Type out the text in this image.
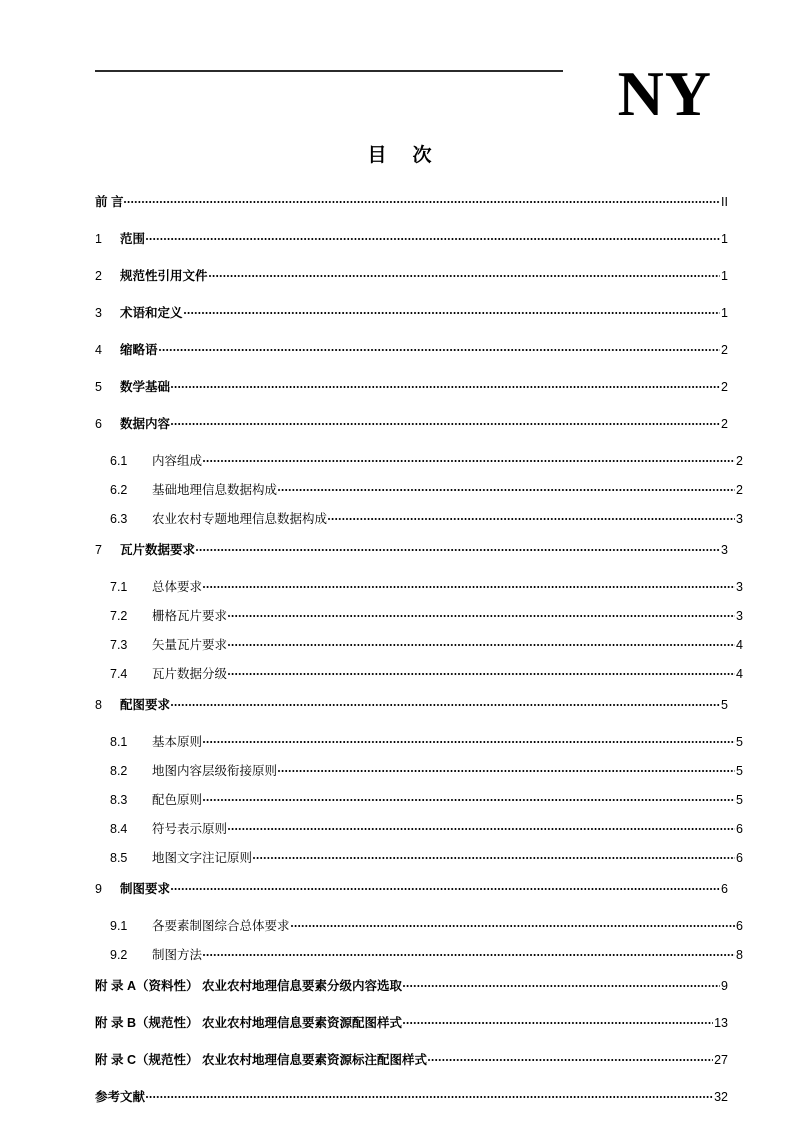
NY
目    次
前 言	II
1	范围	1
2	规范性引用文件	1
3	术语和定义	1
4	缩略语	2
5	数学基础	2
6	数据内容	2
6.1	内容组成	2
6.2	基础地理信息数据构成	2
6.3	农业农村专题地理信息数据构成	3
7	瓦片数据要求	3
7.1	总体要求	3
7.2	栅格瓦片要求	3
7.3	矢量瓦片要求	4
7.4	瓦片数据分级	4
8	配图要求	5
8.1	基本原则	5
8.2	地图内容层级衔接原则	5
8.3	配色原则	5
8.4	符号表示原则	6
8.5	地图文字注记原则	6
9	制图要求	6
9.1	各要素制图综合总体要求	6
9.2	制图方法	8
附 录 A（资料性） 农业农村地理信息要素分级内容选取	9
附 录 B（规范性） 农业农村地理信息要素资源配图样式	13
附 录 C（规范性） 农业农村地理信息要素资源标注配图样式	27
参考文献	32
